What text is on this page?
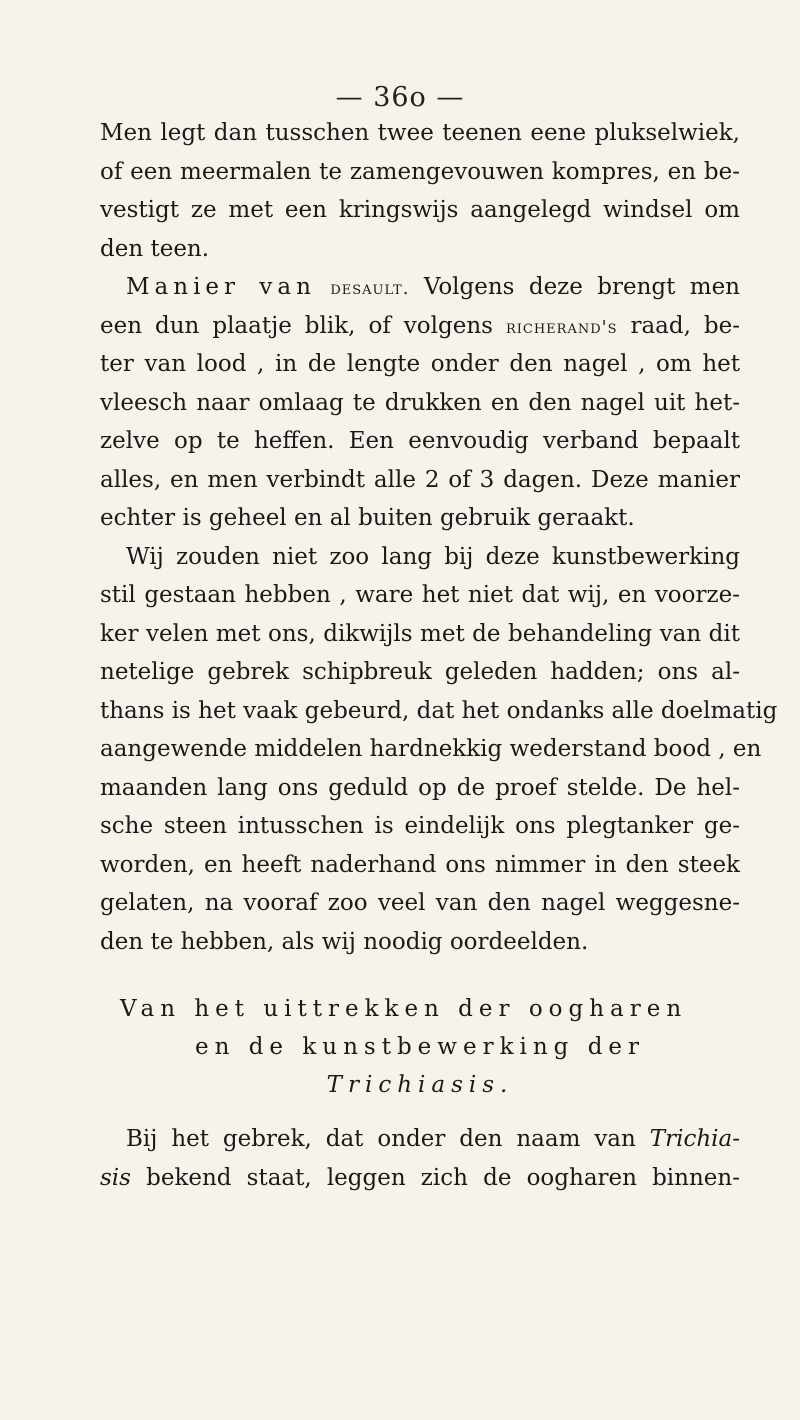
— 36o —
Men legt dan tusschen twee teenen eene plukselwiek,
of een meermalen te zamengevouwen kompres, en be-
vestigt ze met een kringswijs aangelegd windsel om
den teen.
Manier van desault. Volgens deze brengt men
een dun plaatje blik, of volgens richerand's raad, be-
ter van lood , in de lengte onder den nagel , om het
vleesch naar omlaag te drukken en den nagel uit het-
zelve op te heffen. Een eenvoudig verband bepaalt
alles, en men verbindt alle 2 of 3 dagen. Deze manier
echter is geheel en al buiten gebruik geraakt.
Wij zouden niet zoo lang bij deze kunstbewerking
stil gestaan hebben , ware het niet dat wij, en voorze-
ker velen met ons, dikwijls met de behandeling van dit
netelige gebrek schipbreuk geleden hadden; ons al-
thans is het vaak gebeurd, dat het ondanks alle doelmatig
aangewende middelen hardnekkig wederstand bood , en
maanden lang ons geduld op de proef stelde. De hel-
sche steen intusschen is eindelijk ons plegtanker ge-
worden, en heeft naderhand ons nimmer in den steek
gelaten, na vooraf zoo veel van den nagel weggesne-
den te hebben, als wij noodig oordeelden.
Van het uittrekken der oogharen
en de kunstbewerking der
Trichiasis.
Bij het gebrek, dat onder den naam van Trichia-
sis bekend staat, leggen zich de oogharen binnen-
